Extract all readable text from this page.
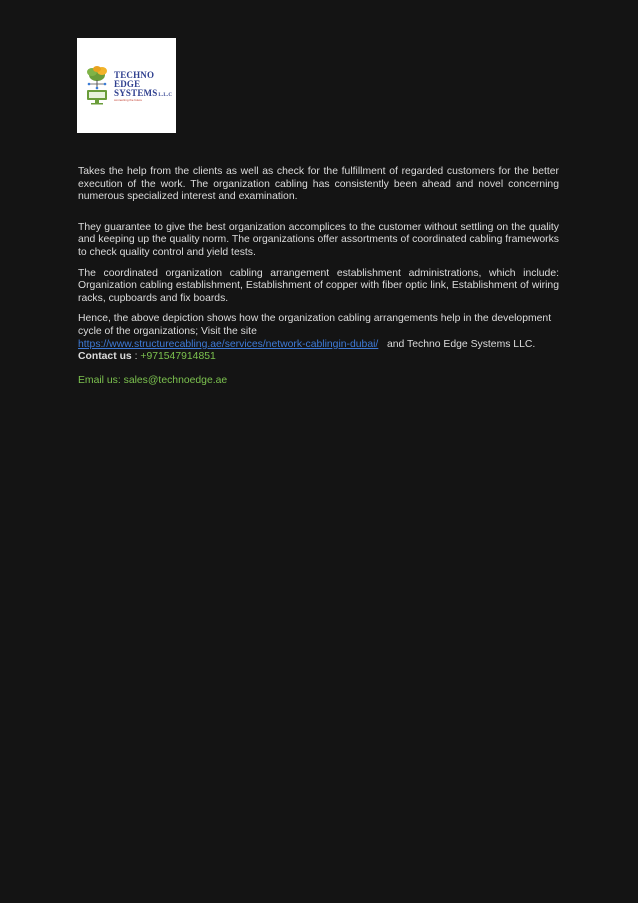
TECHNO
EDGE
SYSTEMSL.L.C
connecting the future

Takes the help from the clients as well as check for the fulfillment of regarded customers for the better execution of the work. The organization cabling has consistently been ahead and novel concerning numerous specialized interest and examination.

They guarantee to give the best organization accomplices to the customer without settling on the quality and keeping up the quality norm. The organizations offer assortments of coordinated cabling frameworks to check quality control and yield tests.

The coordinated organization cabling arrangement establishment administrations, which include: Organization cabling establishment, Establishment of copper with fiber optic link, Establishment of wiring racks, cupboards and fix boards.

Hence, the above depiction shows how the organization cabling arrangements help in the development cycle of the organizations; Visit the site
https://www.structurecabling.ae/services/network-cablingin-dubai/ and Techno Edge Systems LLC.
Contact us : +971547914851

Email us: sales@technoedge.ae
